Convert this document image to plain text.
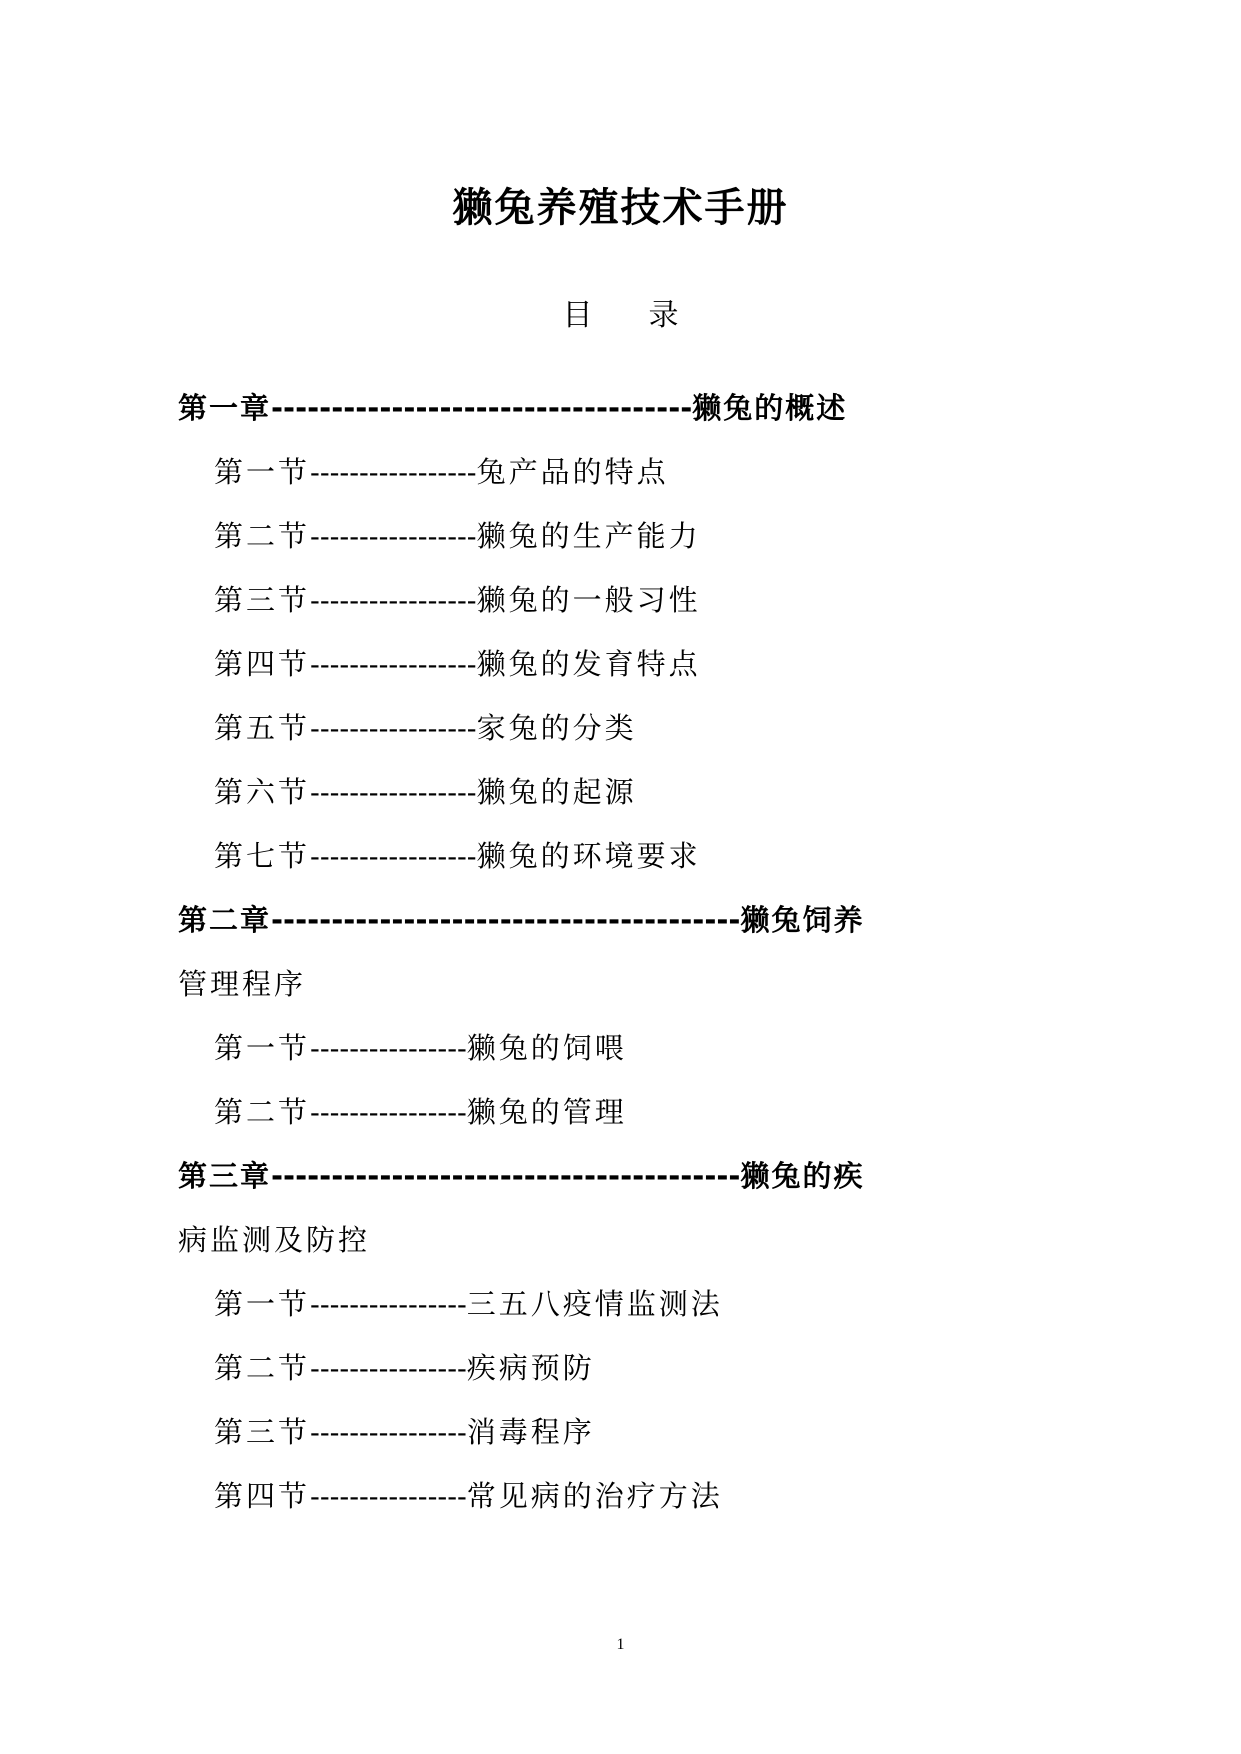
獭兔养殖技术手册
目 录
第一章-----------------------------------獭兔的概述
第一节-----------------兔产品的特点
第二节-----------------獭兔的生产能力
第三节-----------------獭兔的一般习性
第四节-----------------獭兔的发育特点
第五节-----------------家兔的分类
第六节-----------------獭兔的起源
第七节-----------------獭兔的环境要求
第二章---------------------------------------獭兔饲养
管理程序
第一节----------------獭兔的饲喂
第二节----------------獭兔的管理
第三章---------------------------------------獭兔的疾
病监测及防控
第一节----------------三五八疫情监测法
第二节----------------疾病预防
第三节----------------消毒程序
第四节----------------常见病的治疗方法
1
